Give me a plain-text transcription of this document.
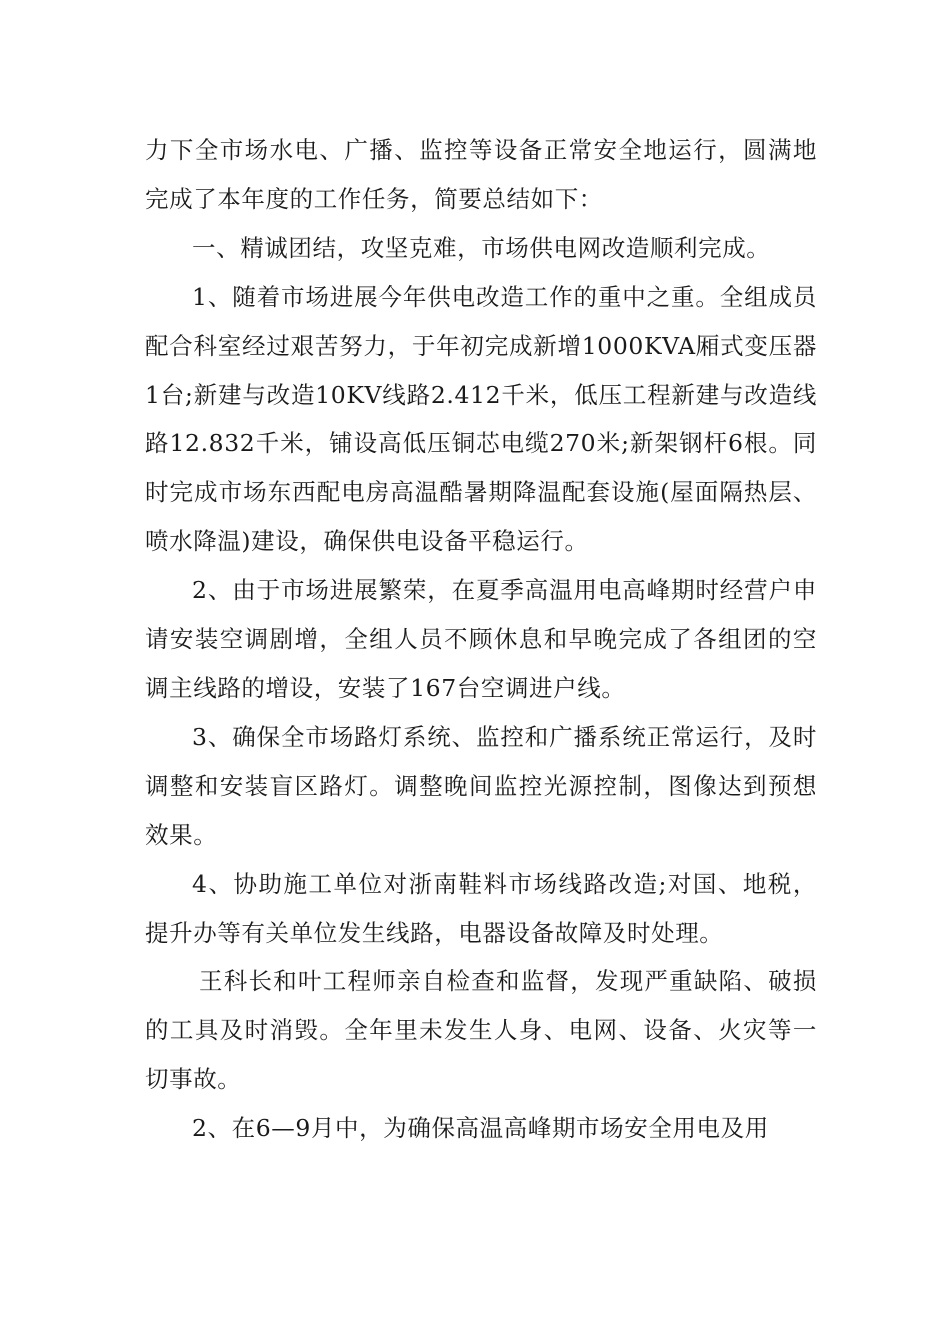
力下全市场水电、广播、监控等设备正常安全地运行，圆满地完成了本年度的工作任务，简要总结如下：

一、精诚团结，攻坚克难，市场供电网改造顺利完成。

1、随着市场进展今年供电改造工作的重中之重。全组成员配合科室经过艰苦努力，于年初完成新增1000KVA厢式变压器1台;新建与改造10KV线路2.412千米，低压工程新建与改造线路12.832千米，铺设高低压铜芯电缆270米;新架钢杆6根。同时完成市场东西配电房高温酷暑期降温配套设施(屋面隔热层、喷水降温)建设，确保供电设备平稳运行。

2、由于市场进展繁荣，在夏季高温用电高峰期时经营户申请安装空调剧增，全组人员不顾休息和早晚完成了各组团的空调主线路的增设，安装了167台空调进户线。

3、确保全市场路灯系统、监控和广播系统正常运行，及时调整和安装盲区路灯。调整晚间监控光源控制，图像达到预想效果。

4、协助施工单位对浙南鞋料市场线路改造;对国、地税，提升办等有关单位发生线路，电器设备故障及时处理。

王科长和叶工程师亲自检查和监督，发现严重缺陷、破损的工具及时消毁。全年里未发生人身、电网、设备、火灾等一切事故。

2、在6—9月中，为确保高温高峰期市场安全用电及用
